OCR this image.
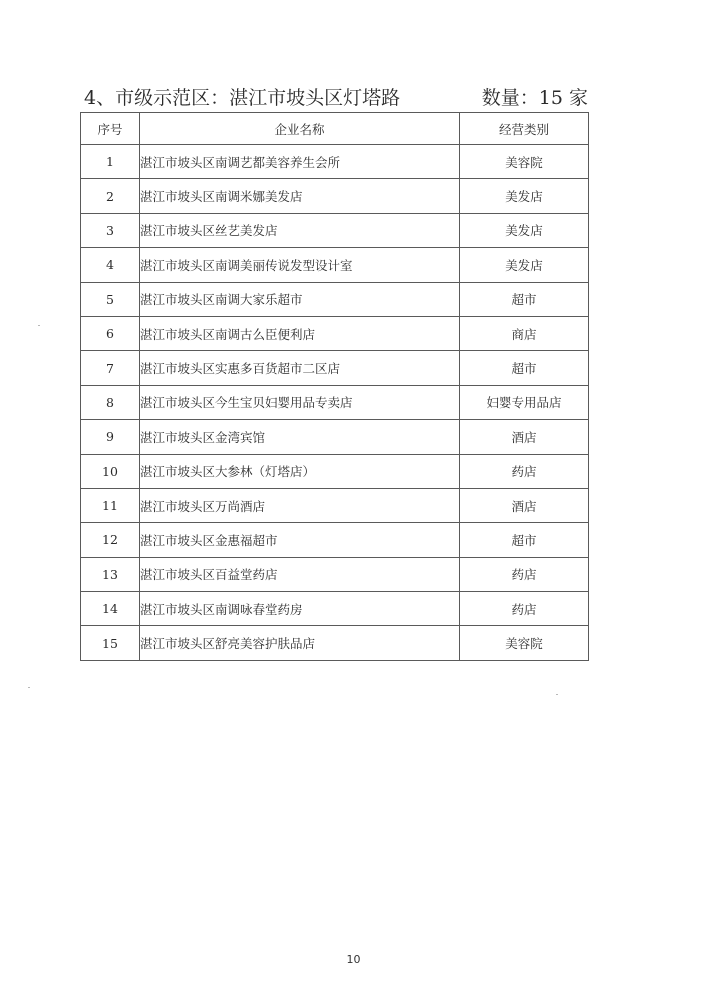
4、市级示范区：湛江市坡头区灯塔路	数量：15 家
序号	企业名称	经营类别
1	湛江市坡头区南调艺都美容养生会所	美容院
2	湛江市坡头区南调米娜美发店	美发店
3	湛江市坡头区丝艺美发店	美发店
4	湛江市坡头区南调美丽传说发型设计室	美发店
5	湛江市坡头区南调大家乐超市	超市
6	湛江市坡头区南调古么臣便利店	商店
7	湛江市坡头区实惠多百货超市二区店	超市
8	湛江市坡头区今生宝贝妇婴用品专卖店	妇婴专用品店
9	湛江市坡头区金湾宾馆	酒店
10	湛江市坡头区大参林（灯塔店）	药店
11	湛江市坡头区万尚酒店	酒店
12	湛江市坡头区金惠福超市	超市
13	湛江市坡头区百益堂药店	药店
14	湛江市坡头区南调咏春堂药房	药店
15	湛江市坡头区舒亮美容护肤品店	美容院
10
